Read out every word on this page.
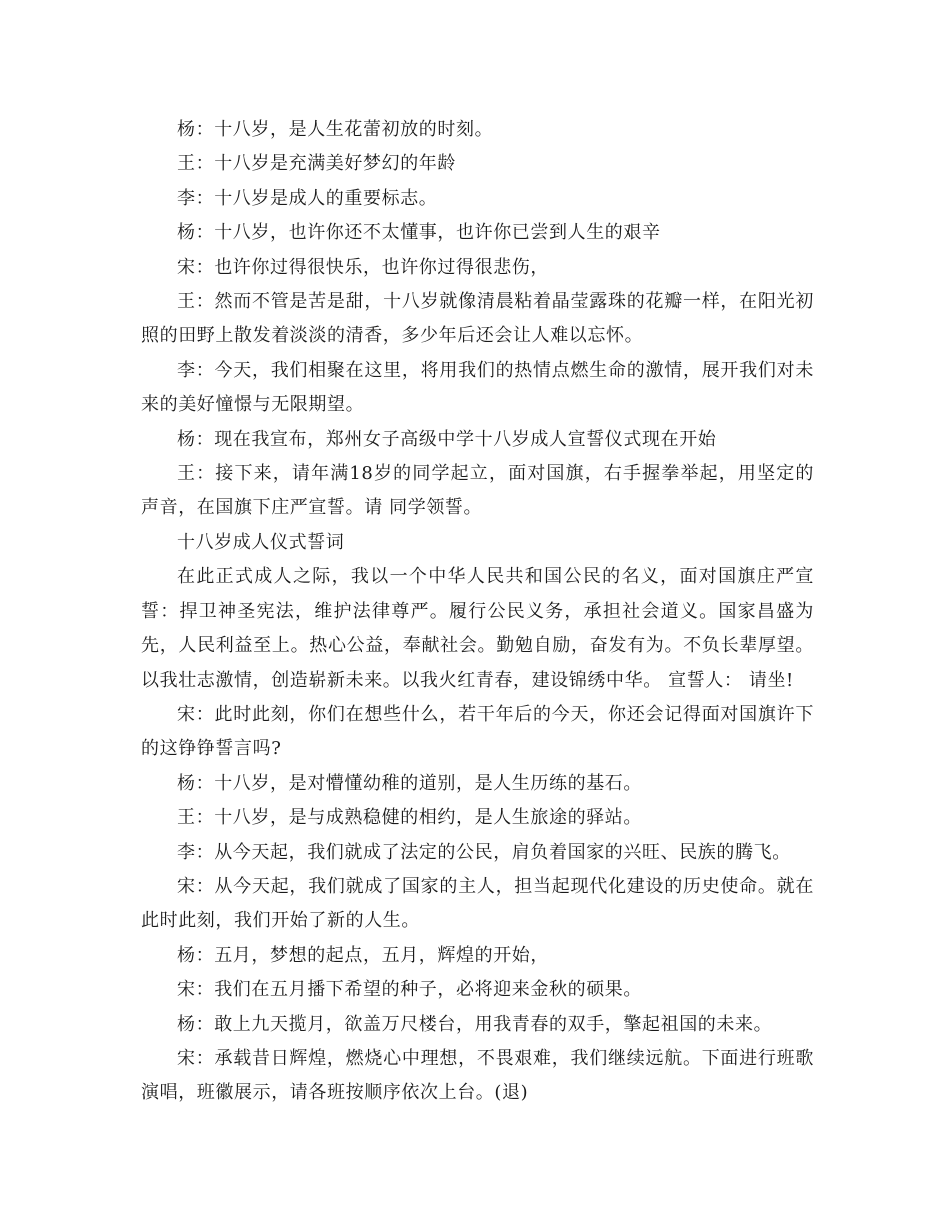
杨：十八岁，是人生花蕾初放的时刻。

王：十八岁是充满美好梦幻的年龄

李：十八岁是成人的重要标志。

杨：十八岁，也许你还不太懂事，也许你已尝到人生的艰辛

宋：也许你过得很快乐，也许你过得很悲伤，

王：然而不管是苦是甜，十八岁就像清晨粘着晶莹露珠的花瓣一样，在阳光初照的田野上散发着淡淡的清香，多少年后还会让人难以忘怀。

李：今天，我们相聚在这里，将用我们的热情点燃生命的激情，展开我们对未来的美好憧憬与无限期望。

杨：现在我宣布，郑州女子高级中学十八岁成人宣誓仪式现在开始

王：接下来，请年满18岁的同学起立，面对国旗，右手握拳举起，用坚定的声音，在国旗下庄严宣誓。请 同学领誓。

十八岁成人仪式誓词

在此正式成人之际，我以一个中华人民共和国公民的名义，面对国旗庄严宣誓：捍卫神圣宪法，维护法律尊严。履行公民义务，承担社会道义。国家昌盛为先，人民利益至上。热心公益，奉献社会。勤勉自励，奋发有为。不负长辈厚望。以我壮志激情，创造崭新未来。以我火红青春，建设锦绣中华。 宣誓人： 请坐!

宋：此时此刻，你们在想些什么，若干年后的今天，你还会记得面对国旗许下的这铮铮誓言吗?

杨：十八岁，是对懵懂幼稚的道别，是人生历练的基石。

王：十八岁，是与成熟稳健的相约，是人生旅途的驿站。

李：从今天起，我们就成了法定的公民，肩负着国家的兴旺、民族的腾飞。

宋：从今天起，我们就成了国家的主人，担当起现代化建设的历史使命。就在此时此刻，我们开始了新的人生。

杨：五月，梦想的起点，五月，辉煌的开始，

宋：我们在五月播下希望的种子，必将迎来金秋的硕果。

杨：敢上九天揽月，欲盖万尺楼台，用我青春的双手，擎起祖国的未来。

宋：承载昔日辉煌，燃烧心中理想，不畏艰难，我们继续远航。下面进行班歌演唱，班徽展示，请各班按顺序依次上台。(退)
